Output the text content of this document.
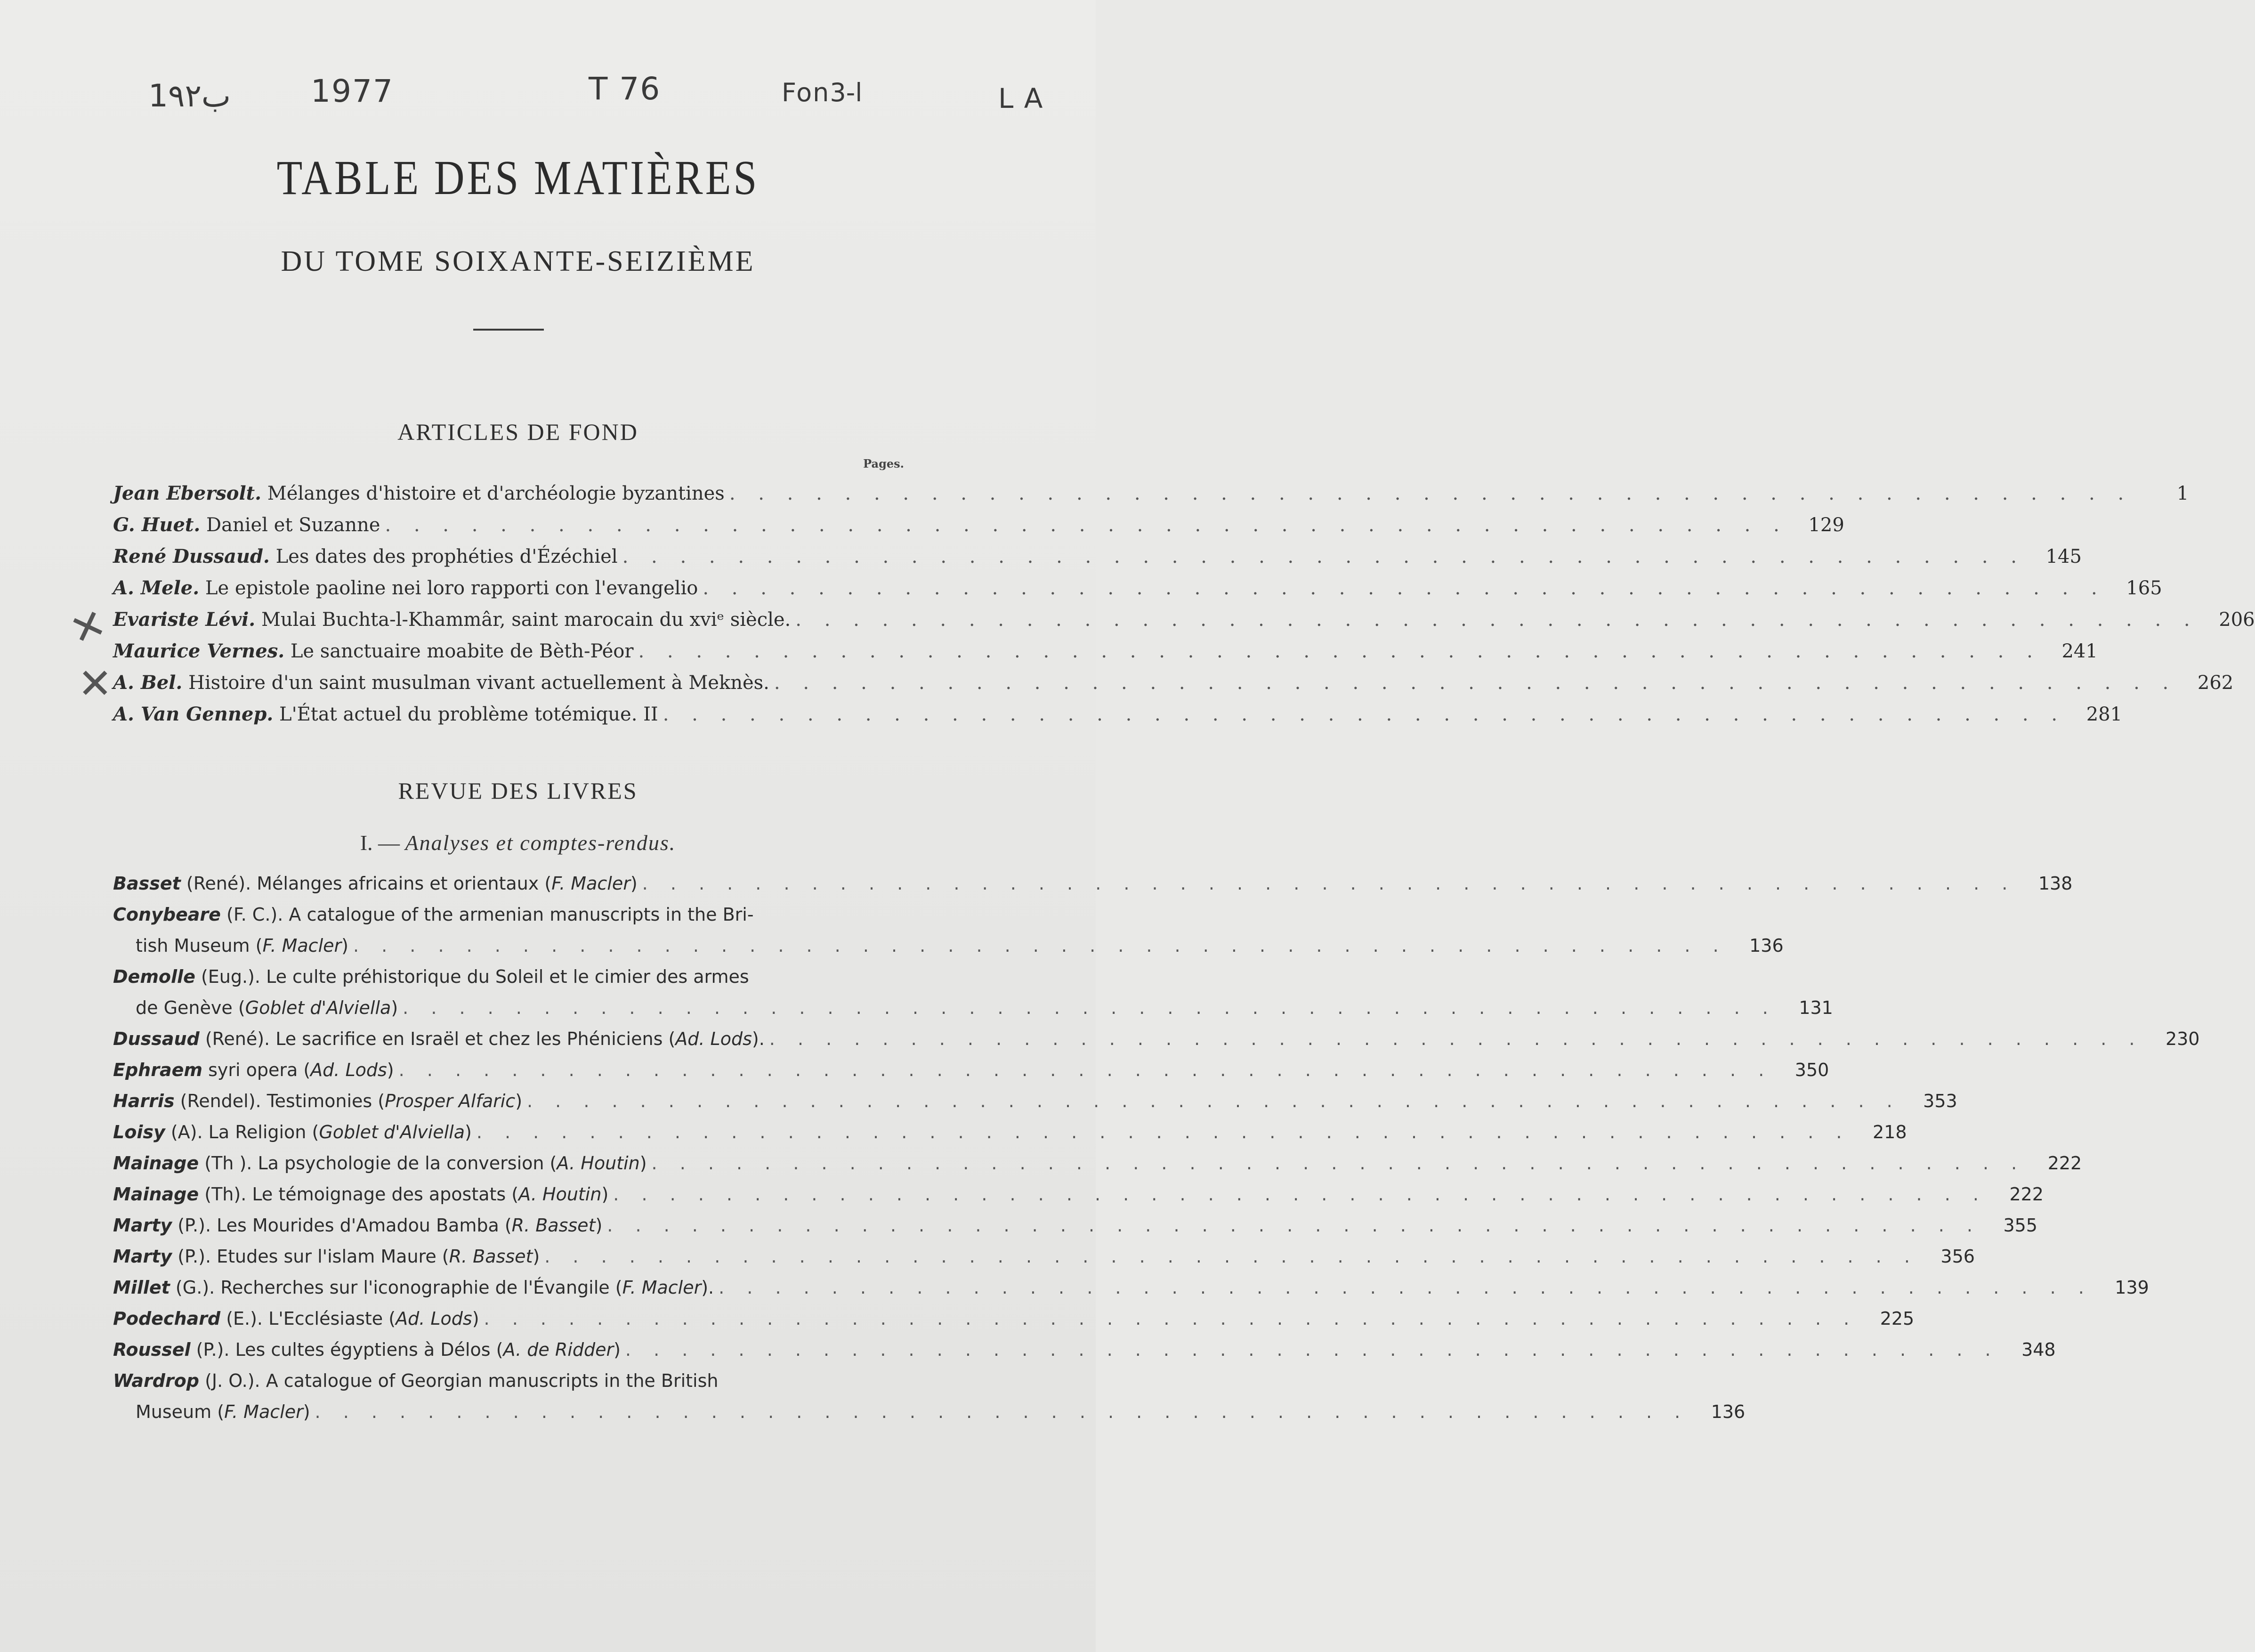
1ب٩٢	1977	T 76	Fonا-3	L A
TABLE DES MATIÈRES
DU TOME SOIXANTE-SEIZIÈME
ARTICLES DE FOND
Pages.
✕
✕
Jean Ebersolt. Mélanges d'histoire et d'archéologie byzantines . . .	1
G. Huet. Daniel et Suzanne . . .	129
René Dussaud. Les dates des prophéties d'Ézéchiel . . .	145
A. Mele. Le epistole paoline nei loro rapporti con l'evangelio . . .	165
Evariste Lévi. Mulai Buchta-l-Khammâr, saint marocain du xviᵉ siècle. . . .	206
Maurice Vernes. Le sanctuaire moabite de Bèth-Péor . . .	241
A. Bel. Histoire d'un saint musulman vivant actuellement à Meknès. . . .	262
A. Van Gennep. L'État actuel du problème totémique. II . . .	281
REVUE DES LIVRES
I. — Analyses et comptes-rendus.
Basset (René). Mélanges africains et orientaux (F. Macler) . . .	138
Conybeare (F. C.). A catalogue of the armenian manuscripts in the Bri-
tish Museum (F. Macler) . . .	136
Demolle (Eug.). Le culte préhistorique du Soleil et le cimier des armes
de Genève (Goblet d'Alviella) . . .	131
Dussaud (René). Le sacrifice en Israël et chez les Phéniciens (Ad. Lods). . . .	230
Ephraem syri opera (Ad. Lods) . . .	350
Harris (Rendel). Testimonies (Prosper Alfaric) . . .	353
Loisy (A). La Religion (Goblet d'Alviella) . . .	218
Mainage (Th ). La psychologie de la conversion (A. Houtin) . . .	222
Mainage (Th). Le témoignage des apostats (A. Houtin) . . .	222
Marty (P.). Les Mourides d'Amadou Bamba (R. Basset) . . .	355
Marty (P.). Etudes sur l'islam Maure (R. Basset) . . .	356
Millet (G.). Recherches sur l'iconographie de l'Évangile (F. Macler). . . .	139
Podechard (E.). L'Ecclésiaste (Ad. Lods) . . .	225
Roussel (P.). Les cultes égyptiens à Délos (A. de Ridder) . . .	348
Wardrop (J. O.). A catalogue of Georgian manuscripts in the British
Museum (F. Macler) . . .	136
